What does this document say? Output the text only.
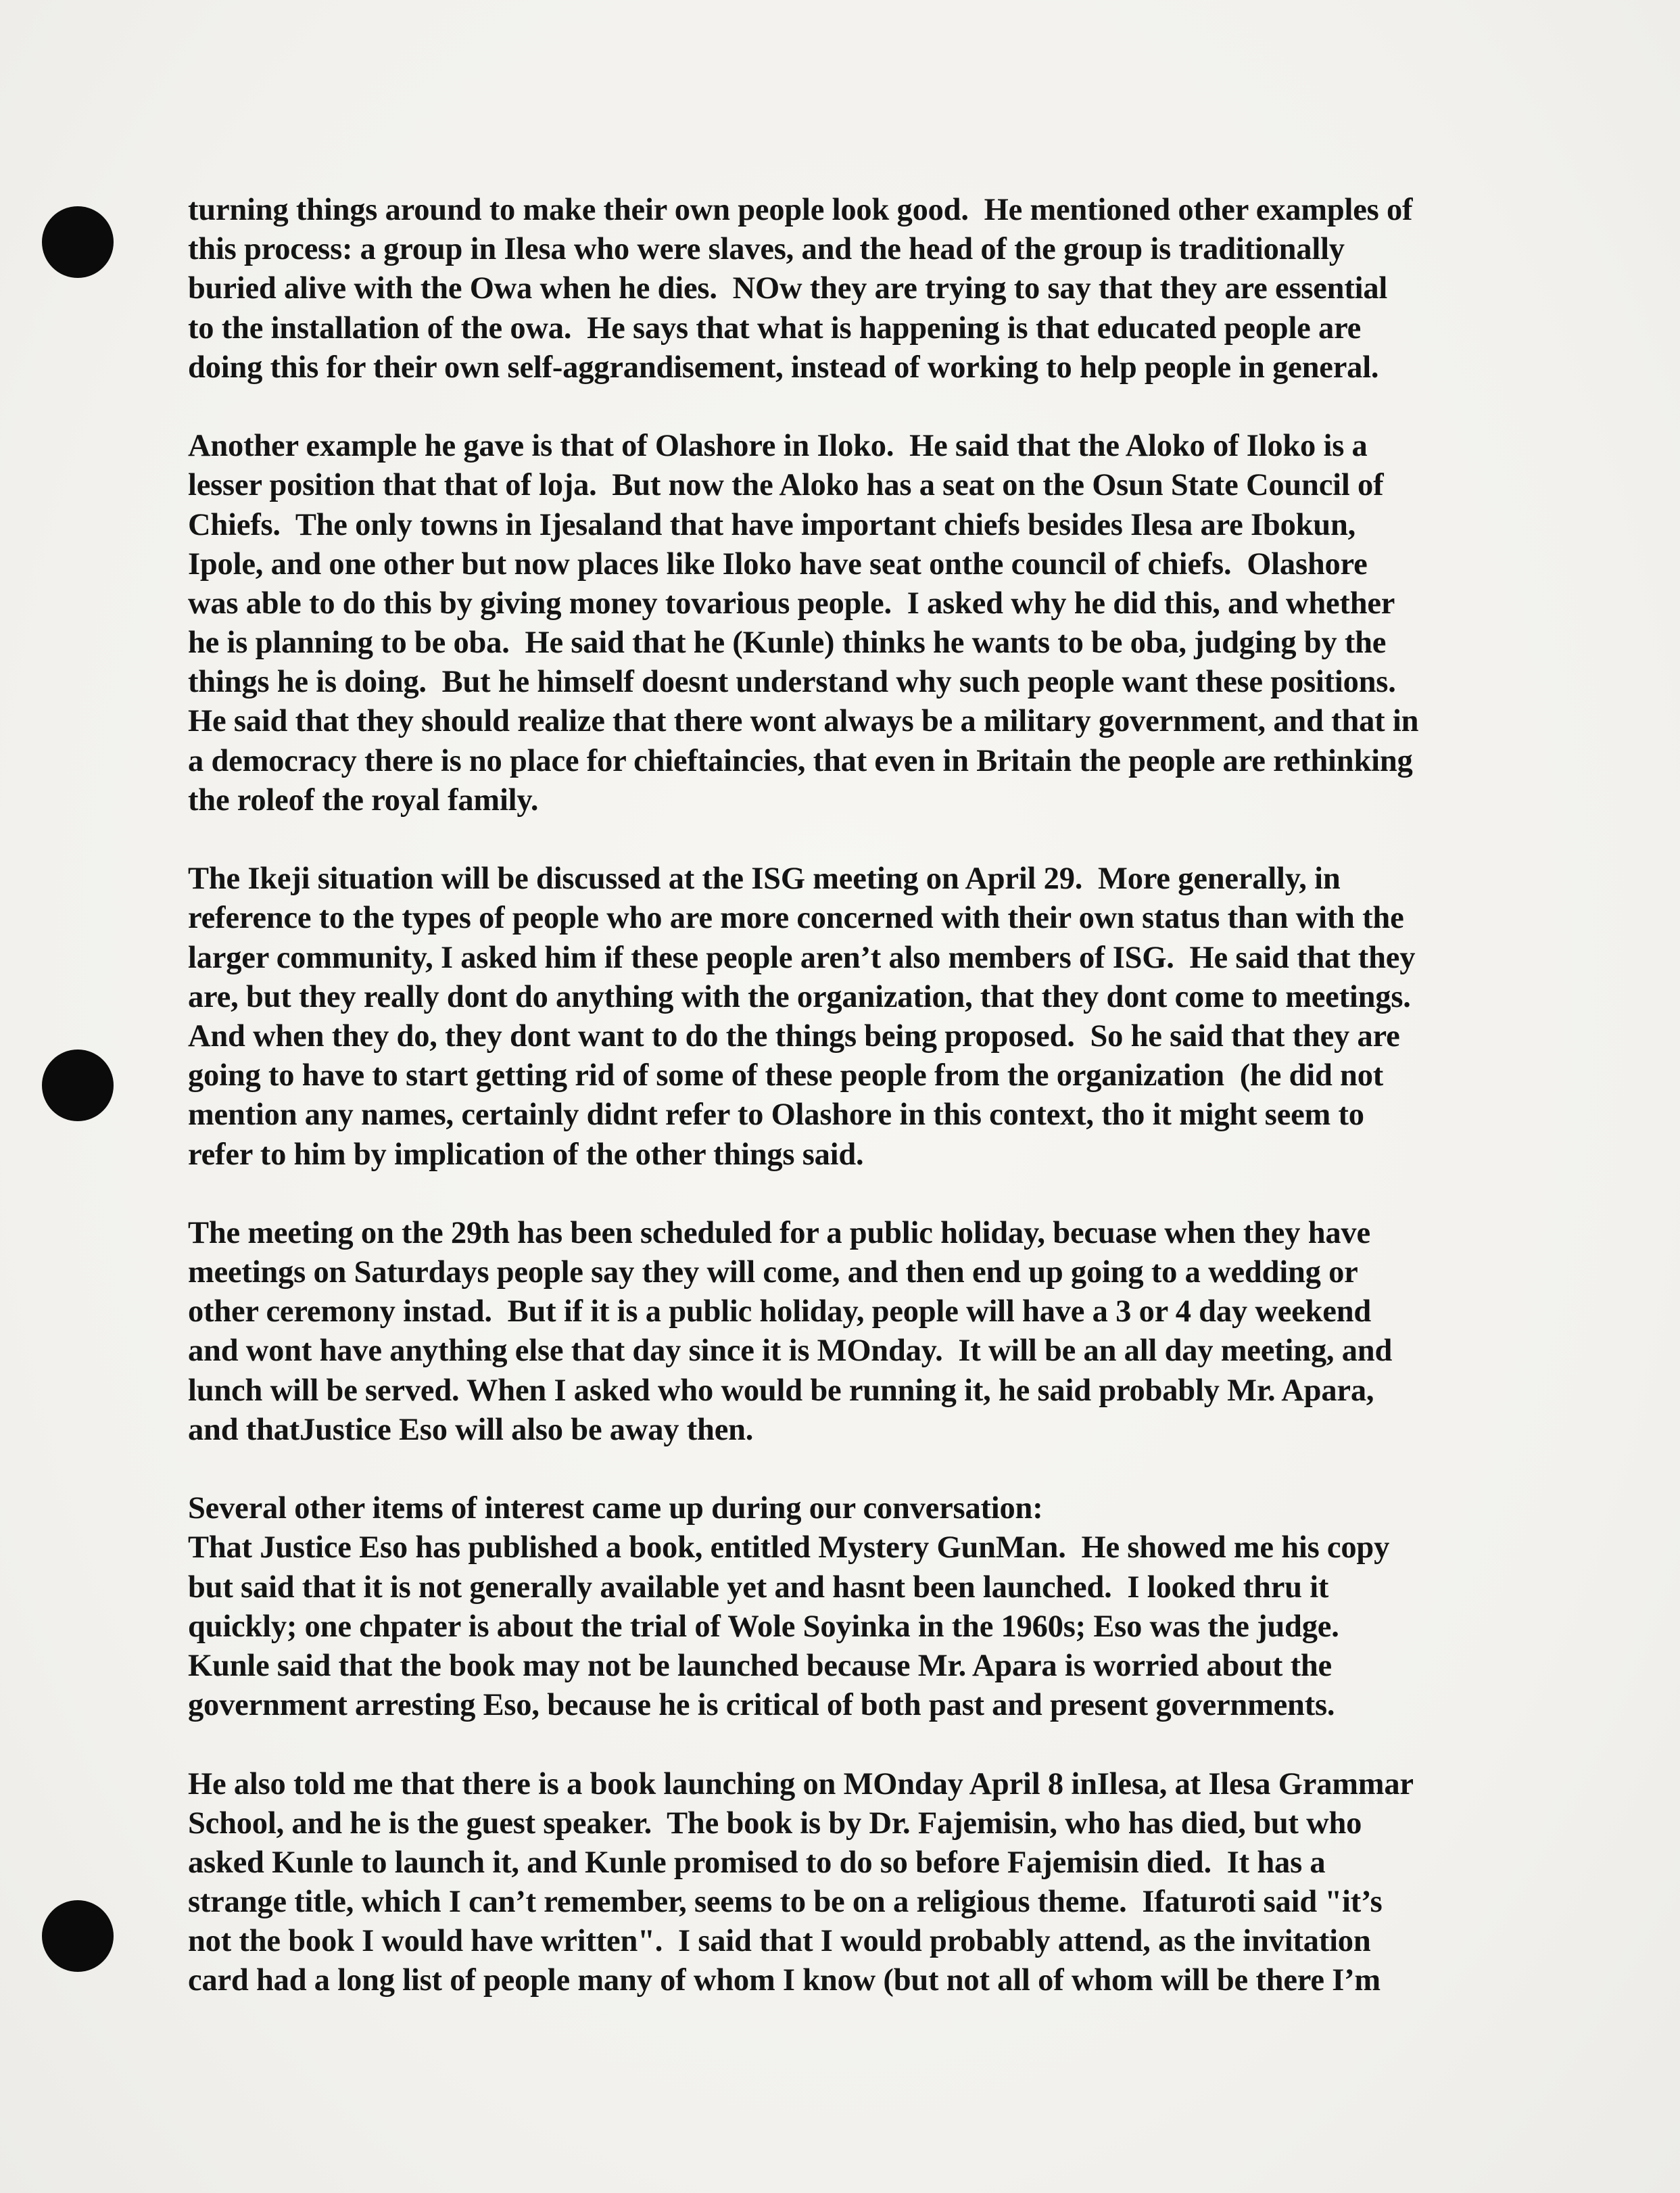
turning things around to make their own people look good.  He mentioned other examples of
this process: a group in Ilesa who were slaves, and the head of the group is traditionally
buried alive with the Owa when he dies.  NOw they are trying to say that they are essential
to the installation of the owa.  He says that what is happening is that educated people are
doing this for their own self-aggrandisement, instead of working to help people in general.
Another example he gave is that of Olashore in Iloko.  He said that the Aloko of Iloko is a
lesser position that that of loja.  But now the Aloko has a seat on the Osun State Council of
Chiefs.  The only towns in Ijesaland that have important chiefs besides Ilesa are Ibokun,
Ipole, and one other but now places like Iloko have seat onthe council of chiefs.  Olashore
was able to do this by giving money tovarious people.  I asked why he did this, and whether
he is planning to be oba.  He said that he (Kunle) thinks he wants to be oba, judging by the
things he is doing.  But he himself doesnt understand why such people want these positions.
He said that they should realize that there wont always be a military government, and that in
a democracy there is no place for chieftaincies, that even in Britain the people are rethinking
the roleof the royal family.
The Ikeji situation will be discussed at the ISG meeting on April 29.  More generally, in
reference to the types of people who are more concerned with their own status than with the
larger community, I asked him if these people aren’t also members of ISG.  He said that they
are, but they really dont do anything with the organization, that they dont come to meetings.
And when they do, they dont want to do the things being proposed.  So he said that they are
going to have to start getting rid of some of these people from the organization  (he did not
mention any names, certainly didnt refer to Olashore in this context, tho it might seem to
refer to him by implication of the other things said.
The meeting on the 29th has been scheduled for a public holiday, becuase when they have
meetings on Saturdays people say they will come, and then end up going to a wedding or
other ceremony instad.  But if it is a public holiday, people will have a 3 or 4 day weekend
and wont have anything else that day since it is MOnday.  It will be an all day meeting, and
lunch will be served. When I asked who would be running it, he said probably Mr. Apara,
and thatJustice Eso will also be away then.
Several other items of interest came up during our conversation:
That Justice Eso has published a book, entitled Mystery GunMan.  He showed me his copy
but said that it is not generally available yet and hasnt been launched.  I looked thru it
quickly; one chpater is about the trial of Wole Soyinka in the 1960s; Eso was the judge.
Kunle said that the book may not be launched because Mr. Apara is worried about the
government arresting Eso, because he is critical of both past and present governments.
He also told me that there is a book launching on MOnday April 8 inIlesa, at Ilesa Grammar
School, and he is the guest speaker.  The book is by Dr. Fajemisin, who has died, but who
asked Kunle to launch it, and Kunle promised to do so before Fajemisin died.  It has a
strange title, which I can’t remember, seems to be on a religious theme.  Ifaturoti said "it’s
not the book I would have written".  I said that I would probably attend, as the invitation
card had a long list of people many of whom I know (but not all of whom will be there I’m
